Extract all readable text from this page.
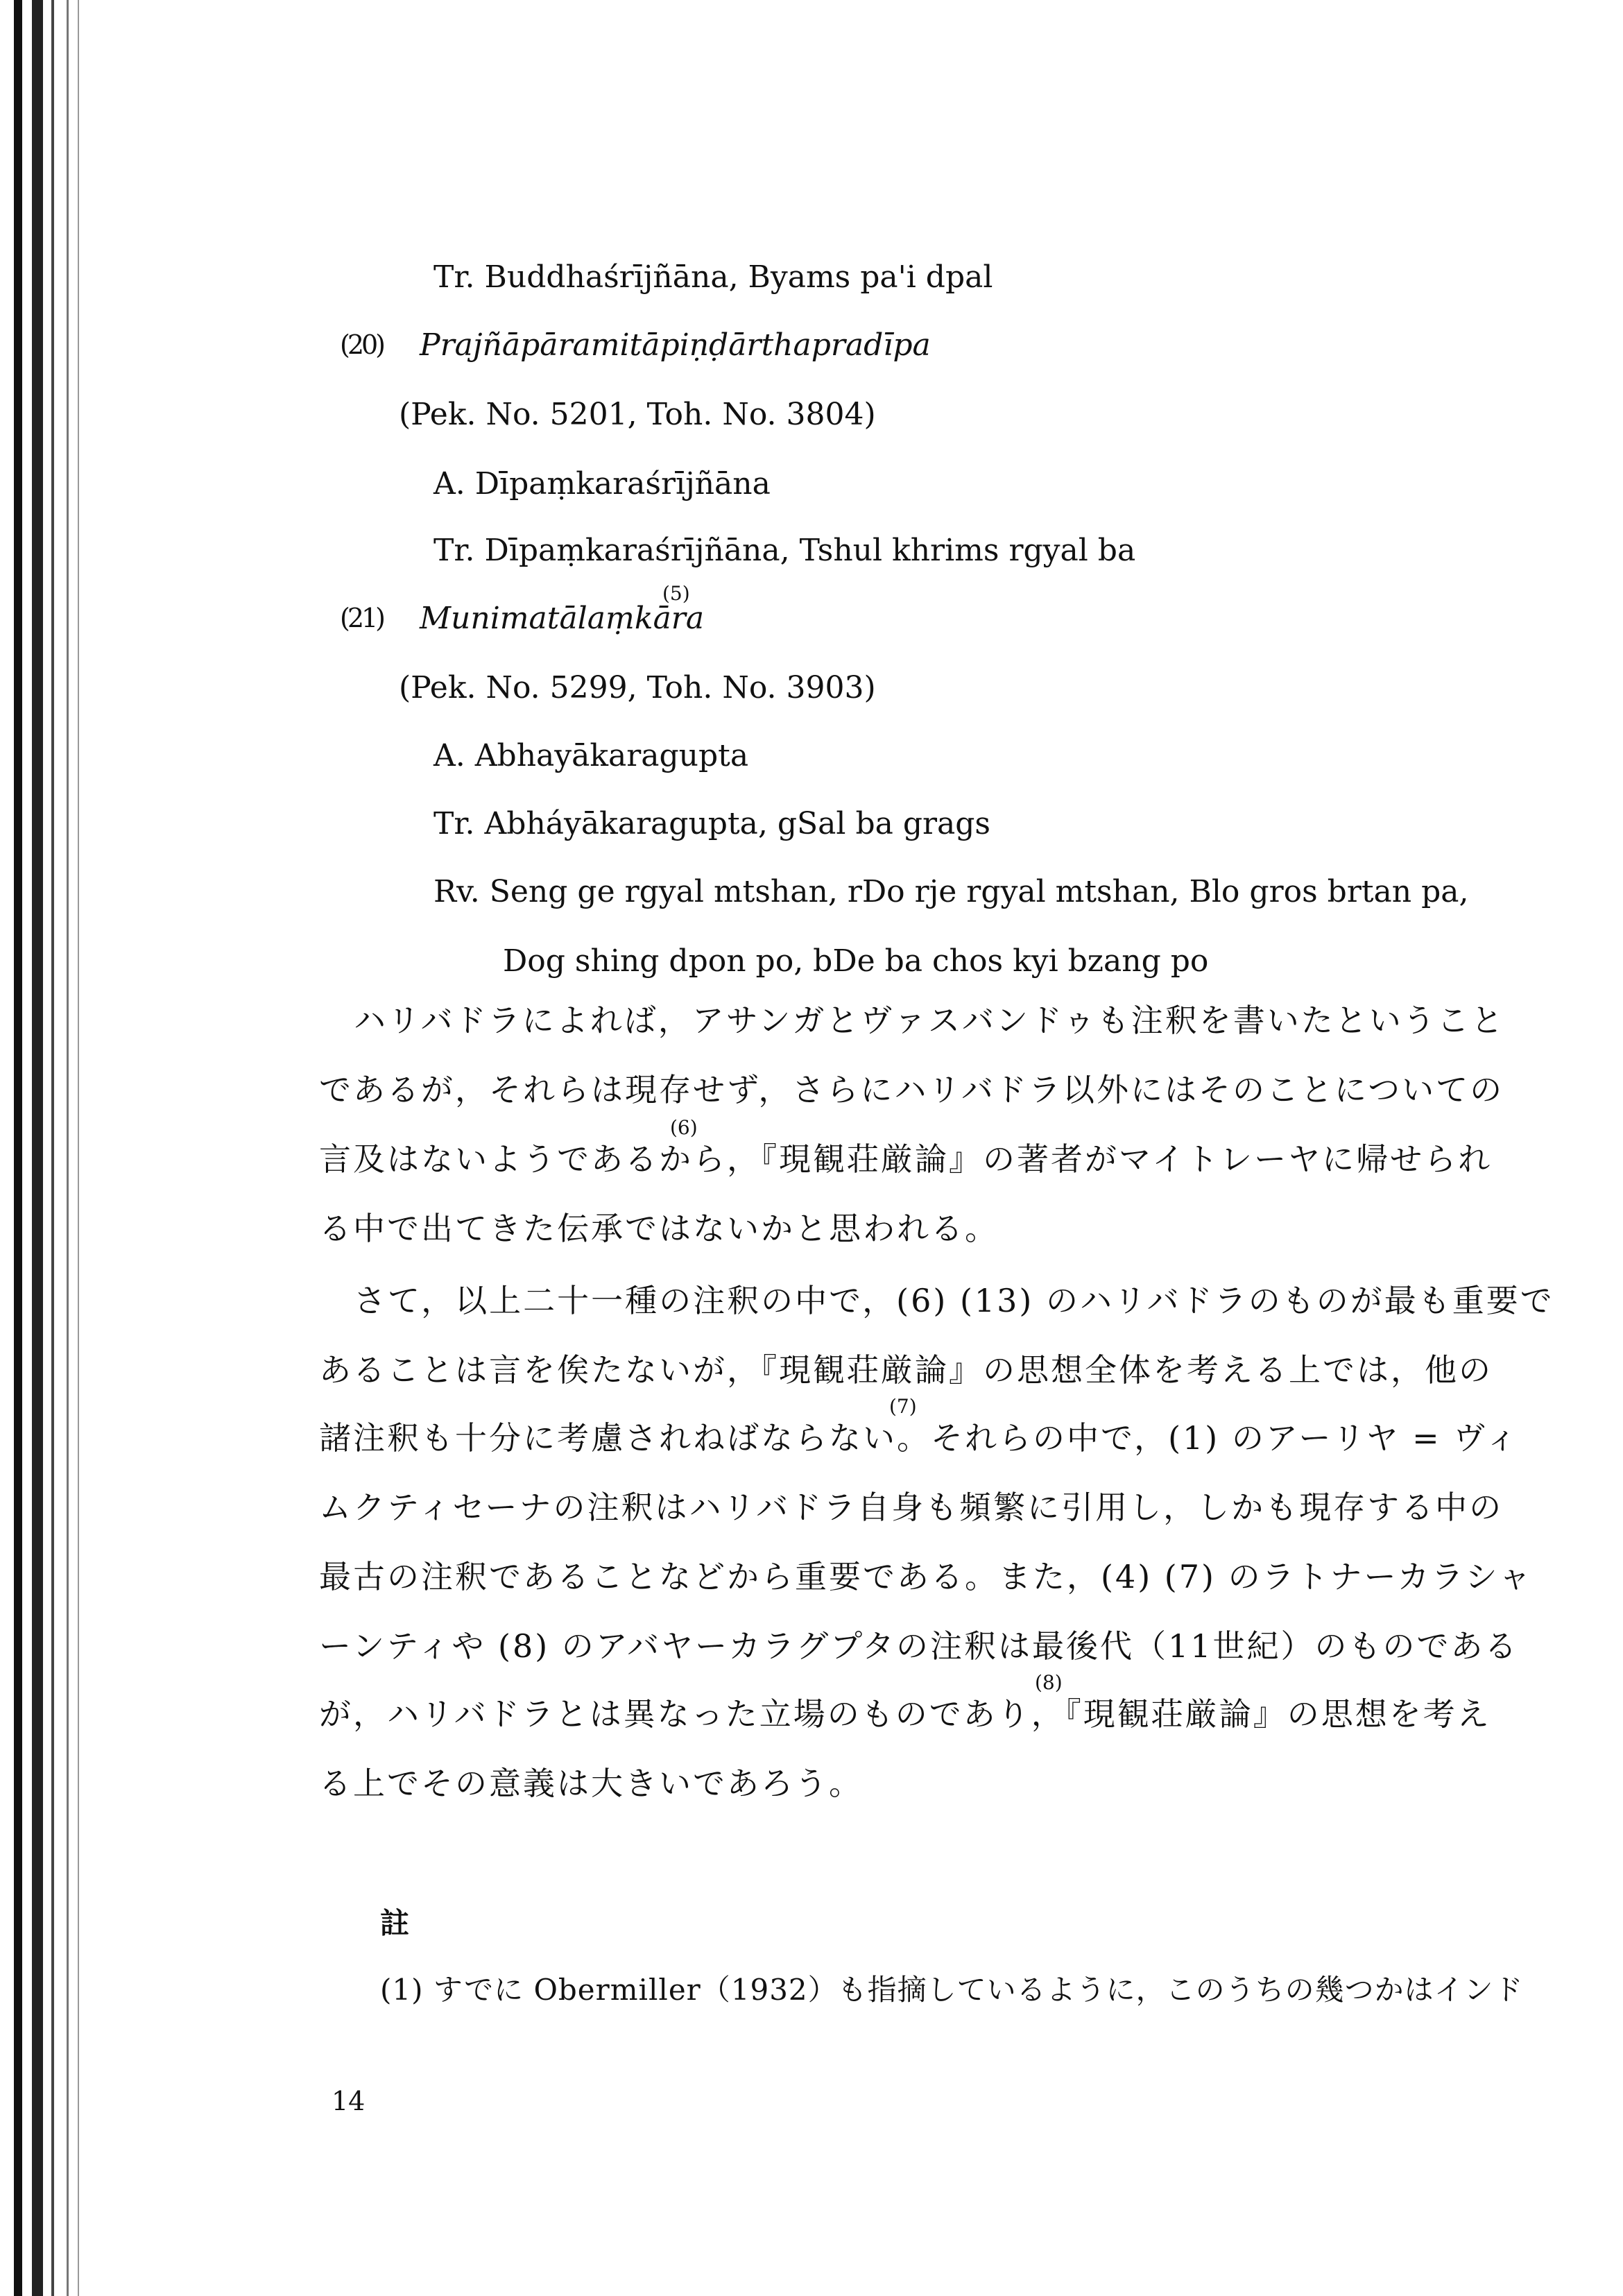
Tr. Buddhaśrījñāna, Byams pa'i dpal
(20) Prajñāpāramitāpiṇḍārthapradīpa
(Pek. No. 5201, Toh. No. 3804)
A. Dīpaṃkaraśrījñāna
Tr. Dīpaṃkaraśrījñāna, Tshul khrims rgyal ba
(21) Munimatālaṃkāra
(5)
(Pek. No. 5299, Toh. No. 3903)
A. Abhayākaragupta
Tr. Abháyākaragupta, gSal ba grags
Rv. Seng ge rgyal mtshan, rDo rje rgyal mtshan, Blo gros brtan pa,
Dog shing dpon po, bDe ba chos kyi bzang po
ハリバドラによれば，アサンガとヴァスバンドゥも注釈を書いたということ
であるが，それらは現存せず，さらにハリバドラ以外にはそのことについての
言及はないようであるから，『現観荘厳論』の著者がマイトレーヤに帰せられ
(6)
る中で出てきた伝承ではないかと思われる。
さて，以上二十一種の注釈の中で，(6) (13) のハリバドラのものが最も重要で
あることは言を俟たないが，『現観荘厳論』の思想全体を考える上では，他の
諸注釈も十分に考慮されねばならない。それらの中で，(1) のアーリヤ = ヴィ
(7)
ムクティセーナの注釈はハリバドラ自身も頻繁に引用し，しかも現存する中の
最古の注釈であることなどから重要である。また，(4) (7) のラトナーカラシャ
ーンティや (8) のアバヤーカラグプタの注釈は最後代（11世紀）のものである
が，ハリバドラとは異なった立場のものであり，『現観荘厳論』の思想を考え
(8)
る上でその意義は大きいであろう。
註
(1) すでに Obermiller（1932）も指摘しているように，このうちの幾つかはインド
14
